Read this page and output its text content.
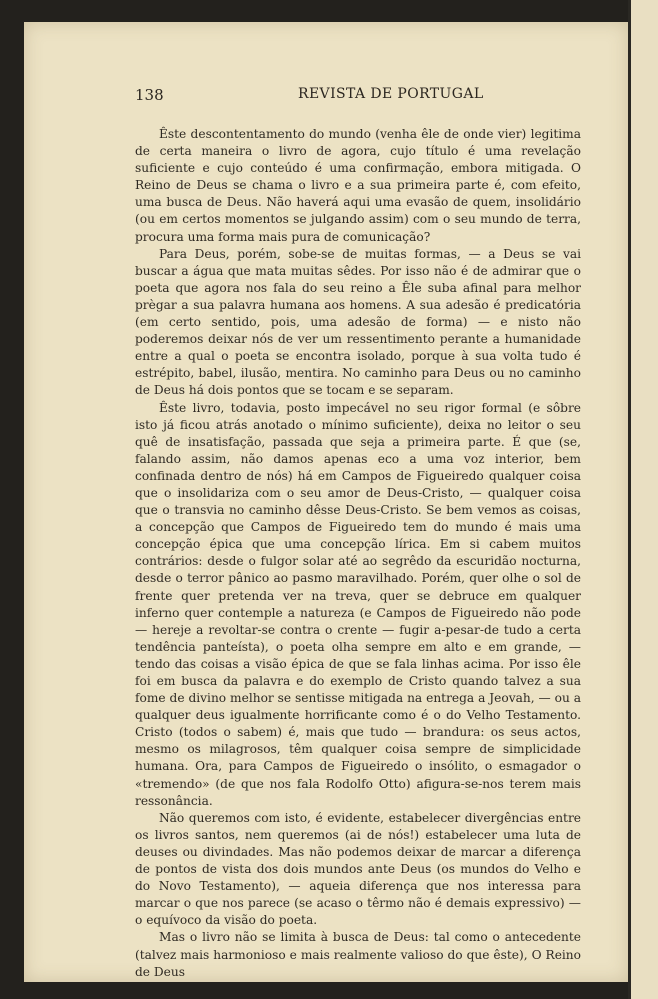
138	REVISTA DE PORTUGAL

Êste descontentamento do mundo (venha êle de onde vier) legitima de certa maneira o livro de agora, cujo título é uma revelação suficiente e cujo conteúdo é uma confirmação, embora mitigada. O Reino de Deus se chama o livro e a sua primeira parte é, com efeito, uma busca de Deus. Não haverá aqui uma evasão de quem, insolidário (ou em certos momentos se julgando assim) com o seu mundo de terra, procura uma forma mais pura de comunicação?

Para Deus, porém, sobe-se de muitas formas, — a Deus se vai buscar a água que mata muitas sêdes. Por isso não é de admirar que o poeta que agora nos fala do seu reino a Êle suba afinal para melhor prègar a sua palavra humana aos homens. A sua adesão é predicatória (em certo sentido, pois, uma adesão de forma) — e nisto não poderemos deixar nós de ver um ressentimento perante a humanidade entre a qual o poeta se encontra isolado, porque à sua volta tudo é estrépito, babel, ilusão, mentira. No caminho para Deus ou no caminho de Deus há dois pontos que se tocam e se separam.

Êste livro, todavia, posto impecável no seu rigor formal (e sôbre isto já ficou atrás anotado o mínimo suficiente), deixa no leitor o seu quê de insatisfação, passada que seja a primeira parte. É que (se, falando assim, não damos apenas eco a uma voz interior, bem confinada dentro de nós) há em Campos de Figueiredo qualquer coisa que o insolidariza com o seu amor de Deus-Cristo, — qualquer coisa que o transvia no caminho dêsse Deus-Cristo. Se bem vemos as coisas, a concepção que Campos de Figueiredo tem do mundo é mais uma concepção épica que uma concepção lírica. Em si cabem muitos contrários: desde o fulgor solar até ao segrêdo da escuridão nocturna, desde o terror pânico ao pasmo maravilhado. Porém, quer olhe o sol de frente quer pretenda ver na treva, quer se debruce em qualquer inferno quer contemple a natureza (e Campos de Figueiredo não pode — hereje a revoltar-se contra o crente — fugir a-pesar-de tudo a certa tendência panteísta), o poeta olha sempre em alto e em grande, — tendo das coisas a visão épica de que se fala linhas acima. Por isso êle foi em busca da palavra e do exemplo de Cristo quando talvez a sua fome de divino melhor se sentisse mitigada na entrega a Jeovah, — ou a qualquer deus igualmente horrificante como é o do Velho Testamento. Cristo (todos o sabem) é, mais que tudo — brandura: os seus actos, mesmo os milagrosos, têm qualquer coisa sempre de simplicidade humana. Ora, para Campos de Figueiredo o insólito, o esmagador o «tremendo» (de que nos fala Rodolfo Otto) afigura-se-nos terem mais ressonância.

Não queremos com isto, é evidente, estabelecer divergências entre os livros santos, nem queremos (ai de nós!) estabelecer uma luta de deuses ou divindades. Mas não podemos deixar de marcar a diferença de pontos de vista dos dois mundos ante Deus (os mundos do Velho e do Novo Testamento), — aqueia diferença que nos interessa para marcar o que nos parece (se acaso o têrmo não é demais expressivo) — o equívoco da visão do poeta.

Mas o livro não se limita à busca de Deus: tal como o antecedente (talvez mais harmonioso e mais realmente valioso do que êste), O Reino de Deus
